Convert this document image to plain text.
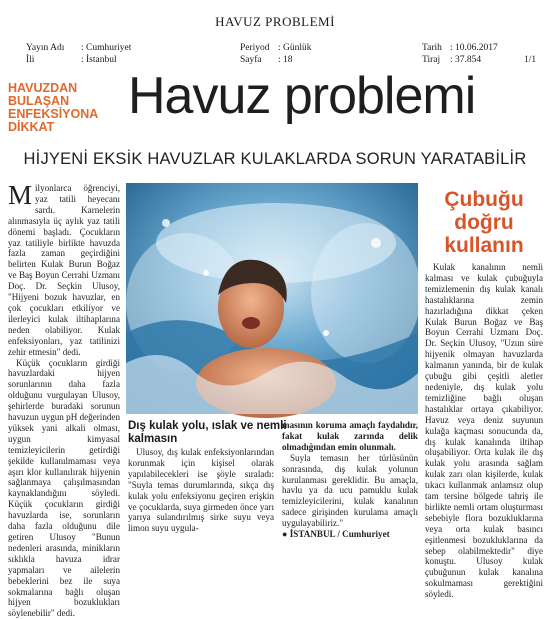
HAVUZ PROBLEMİ
Yayın Adı : Cumhuriyet
İli	: İstanbul
Periyod : Günlük
Sayfa : 18
Tarih : 10.06.2017
Tiraj : 37.854	1/1
HAVUZDAN
BULAŞAN
ENFEKSİYONA
DİKKAT
Havuz problemi
HİJYENİ EKSİK HAVUZLAR KULAKLARDA SORUN YARATABİLİR

Milyonlarca öğrenciyi, yaz tatili heyecanı sardı. Karnelerin alınmasıyla üç aylık yaz tatili dönemi başladı. Çocukların yaz tatiliyle birlikte havuzda fazla zaman geçirdiğini belirten Kulak Burun Boğaz ve Baş Boyun Cerrahi Uzmanı Doç. Dr. Seçkin Ulusoy, "Hijyeni bozuk havuzlar, en çok çocukları etkiliyor ve ilerleyici kulak iltihaplarına neden olabiliyor. Kulak enfeksiyonları, yaz tatilinizi zehir etmesin" dedi.

Küçük çocukların girdiği havuzlardaki hijyen sorunlarının daha fazla olduğunu vurgulayan Ulusoy, şehirlerde buradaki sorunun havuzun uygun pH değerinden yüksek yani alkali olması, uygun kimyasal temizleyicilerin getirdiği şekilde kullanılmaması veya aşırı klor kullanılırak hijyenin sağlanmaya çalışılmasından kaynaklandığını söyledi. Küçük çocukların girdiği havuzlarda ise, sorunların daha fazla olduğunu dile getiren Ulusoy "Bunun nedenleri arasında, minikların sıklıkla havuza idrar yapmaları ve ailelerin bebeklerini bez ile suya sokmalarına bağlı oluşan hijyen bozuklukları söylenebilir" dedi.

Çubuğu
doğru
kullanın

Kulak kanalının nemli kalması ve kulak çubuğuyla temizlemenin dış kulak kanalı hastalıklarına zemin hazırladığına dikkat çeken Kulak Burun Boğaz ve Baş Boyun Cerrahi Uzmanı Doç. Dr. Seçkin Ulusoy, "Uzun süre hijyenik olmayan havuzlarda kalmanın yanında, bir de kulak çubuğu gibi çeşitli aletler nedeniyle, dış kulak yolu temizliğine bağlı oluşan hastalıklar ortaya çıkabiliyor. Havuz veya deniz suyunun kulağa kaçması sonucunda da, dış kulak kanalında iltihap oluşabiliyor. Orta kulak ile dış kulak yolu arasında sağlam kulak zarı olan kişilerde, kulak tıkacı kullanmak anlamsız olup tam tersine bölgede tahriş ile birlikte nemli ortam oluşturması sebebiyle flora bozukluklarına veya orta kulak basıncı eşitlenmesi bozukluklarına da sebep olabilmektedir" diye konuştu. Ulusoy kulak çubuğunun kulak kanalına sokulmaması gerektiğini söyledi.

Dış kulak yolu, ıslak ve nemli kalmasın

Ulusoy, dış kulak enfeksiyonlarından korunmak için kişisel olarak yapılabilecekleri ise şöyle sıraladı: "Suyla temas durumlarında, sıkça dış kulak yolu enfeksiyonu geçiren erişkin ve çocuklarda, suya girmeden önce yarı yarıya sulandırılmış sirke suyu veya limon suyu uygula-

masının koruma amaçlı faydalıdır, fakat kulak zarında delik olmadığından emin olunmalı.

Suyla temasın her türlüsünün sonrasında, dış kulak yolunun kurulanması gereklidir. Bu amaçla, havlu ya da ucu pamuklu kulak temizleyicilerini, kulak kanalının sadece girişinden kurulama amaçlı uygulayabiliriz."

● İSTANBUL / Cumhuriyet
